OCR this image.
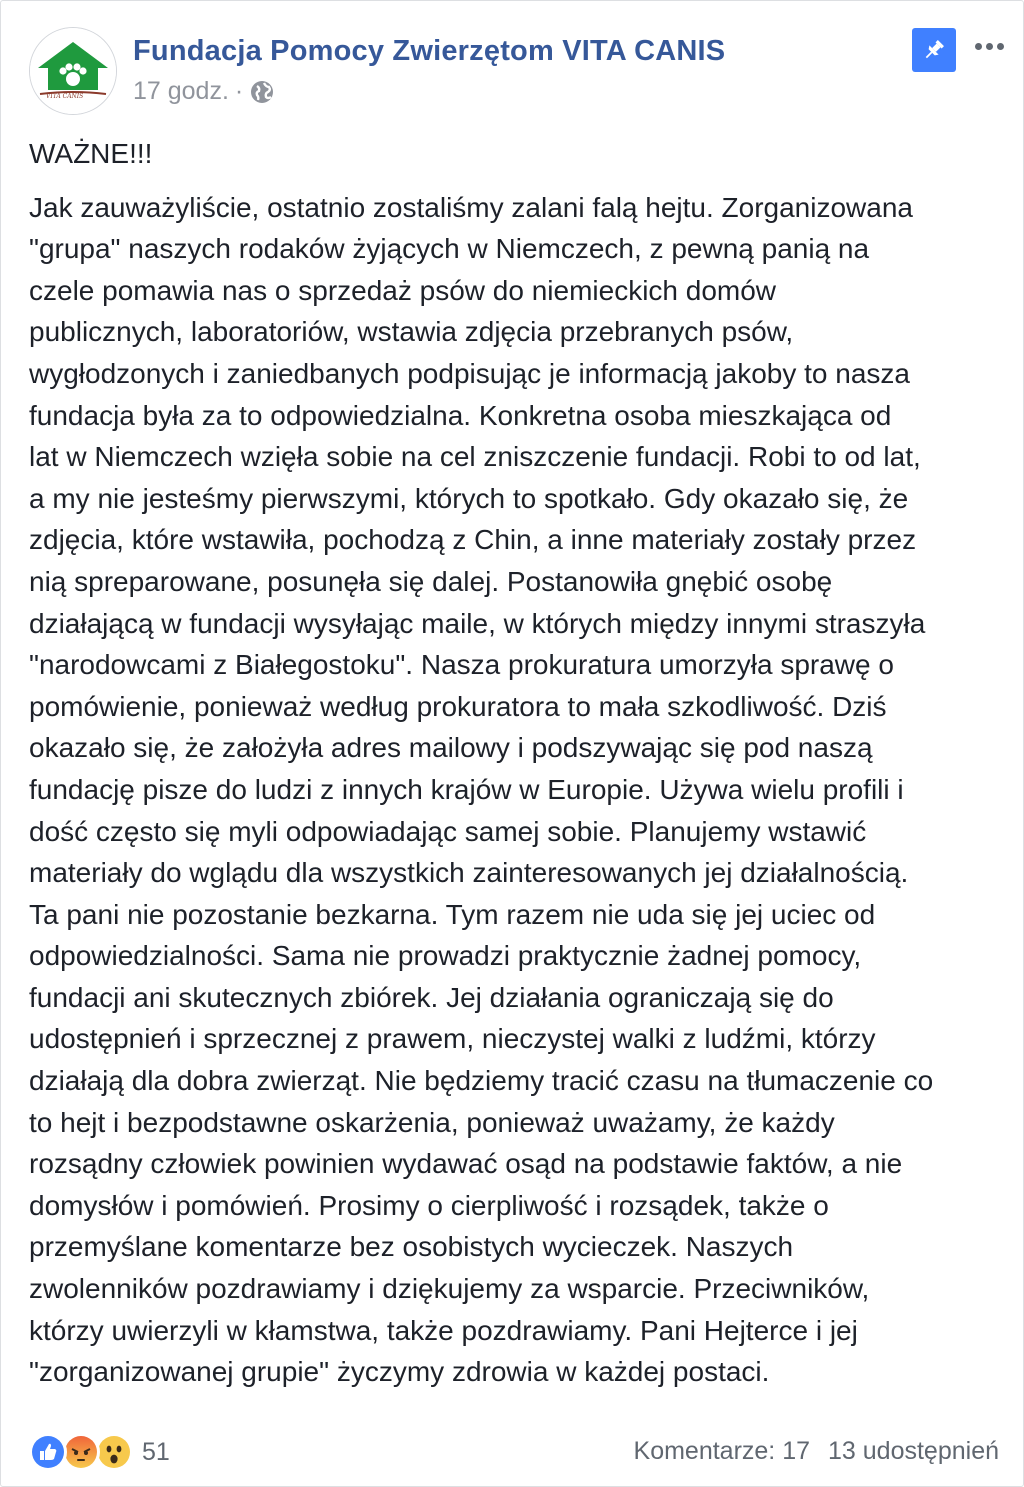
VITA CANIS
Fundacja Pomocy Zwierzętom VITA CANIS
17 godz. ·

WAŻNE!!!

Jak zauważyliście, ostatnio zostaliśmy zalani falą hejtu. Zorganizowana
"grupa" naszych rodaków żyjących w Niemczech, z pewną panią na
czele pomawia nas o sprzedaż psów do niemieckich domów
publicznych, laboratoriów, wstawia zdjęcia przebranych psów,
wygłodzonych i zaniedbanych podpisując je informacją jakoby to nasza
fundacja była za to odpowiedzialna. Konkretna osoba mieszkająca od
lat w Niemczech wzięła sobie na cel zniszczenie fundacji. Robi to od lat,
a my nie jesteśmy pierwszymi, których to spotkało. Gdy okazało się, że
zdjęcia, które wstawiła, pochodzą z Chin, a inne materiały zostały przez
nią spreparowane, posunęła się dalej. Postanowiła gnębić osobę
działającą w fundacji wysyłając maile, w których między innymi straszyła
"narodowcami z Białegostoku". Nasza prokuratura umorzyła sprawę o
pomówienie, ponieważ według prokuratora to mała szkodliwość. Dziś
okazało się, że założyła adres mailowy i podszywając się pod naszą
fundację pisze do ludzi z innych krajów w Europie. Używa wielu profili i
dość często się myli odpowiadając samej sobie. Planujemy wstawić
materiały do wglądu dla wszystkich zainteresowanych jej działalnością.
Ta pani nie pozostanie bezkarna. Tym razem nie uda się jej uciec od
odpowiedzialności. Sama nie prowadzi praktycznie żadnej pomocy,
fundacji ani skutecznych zbiórek. Jej działania ograniczają się do
udostępnień i sprzecznej z prawem, nieczystej walki z ludźmi, którzy
działają dla dobra zwierząt. Nie będziemy tracić czasu na tłumaczenie co
to hejt i bezpodstawne oskarżenia, ponieważ uważamy, że każdy
rozsądny człowiek powinien wydawać osąd na podstawie faktów, a nie
domysłów i pomówień. Prosimy o cierpliwość i rozsądek, także o
przemyślane komentarze bez osobistych wycieczek. Naszych
zwolenników pozdrawiamy i dziękujemy za wsparcie. Przeciwników,
którzy uwierzyli w kłamstwa, także pozdrawiamy. Pani Hejterce i jej
"zorganizowanej grupie" życzymy zdrowia w każdej postaci.

51	Komentarze: 17 13 udostępnień
